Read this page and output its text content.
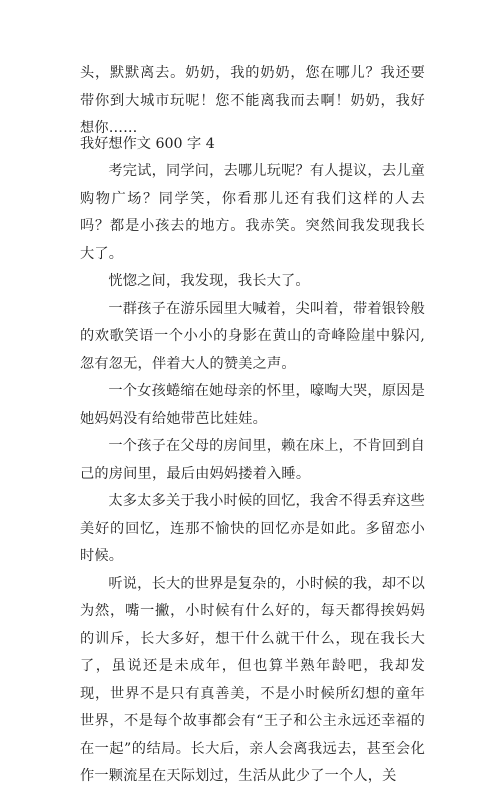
头，默默离去。奶奶，我的奶奶，您在哪儿？我还要带你到大城市玩呢！您不能离我而去啊！奶奶，我好想你……

我好想作文 600 字 4

考完试，同学问，去哪儿玩呢？有人提议，去儿童购物广场？同学笑，你看那儿还有我们这样的人去吗？都是小孩去的地方。我赤笑。突然间我发现我长大了。

恍惚之间，我发现，我长大了。

一群孩子在游乐园里大喊着，尖叫着，带着银铃般的欢歌笑语一个小小的身影在黄山的奇峰险崖中躲闪,忽有忽无，伴着大人的赞美之声。

一个女孩蜷缩在她母亲的怀里，嚎啕大哭，原因是她妈妈没有给她带芭比娃娃。

一个孩子在父母的房间里，赖在床上，不肯回到自己的房间里，最后由妈妈搂着入睡。

太多太多关于我小时候的回忆，我舍不得丢弃这些美好的回忆，连那不愉快的回忆亦是如此。多留恋小时候。

听说，长大的世界是复杂的，小时候的我，却不以为然，嘴一撇，小时候有什么好的，每天都得挨妈妈的训斥，长大多好，想干什么就干什么，现在我长大了，虽说还是未成年，但也算半熟年龄吧，我却发现，世界不是只有真善美，不是小时候所幻想的童年世界，不是每个故事都会有“王子和公主永远还幸福的在一起”的结局。长大后，亲人会离我远去，甚至会化作一颗流星在天际划过，生活从此少了一个人，关
